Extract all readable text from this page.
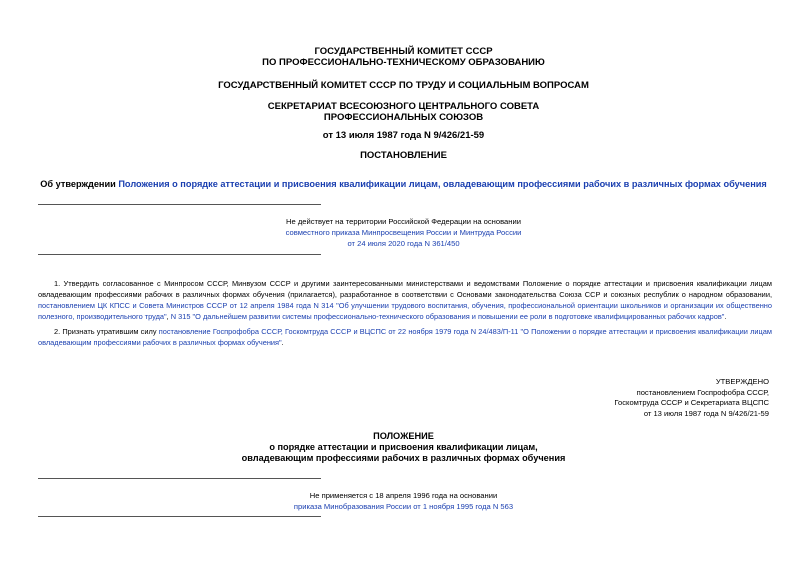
ГОСУДАРСТВЕННЫЙ КОМИТЕТ СССР
ПО ПРОФЕССИОНАЛЬНО-ТЕХНИЧЕСКОМУ ОБРАЗОВАНИЮ
ГОСУДАРСТВЕННЫЙ КОМИТЕТ СССР ПО ТРУДУ И СОЦИАЛЬНЫМ ВОПРОСАМ
СЕКРЕТАРИАТ ВСЕСОЮЗНОГО ЦЕНТРАЛЬНОГО СОВЕТА
ПРОФЕССИОНАЛЬНЫХ СОЮЗОВ
от 13 июля 1987 года N 9/426/21-59
ПОСТАНОВЛЕНИЕ
Об утверждении Положения о порядке аттестации и присвоения квалификации лицам, овладевающим профессиями рабочих в различных формах обучения
Не действует на территории Российской Федерации на основании
совместного приказа Минпросвещения России и Минтруда России
от 24 июля 2020 года N 361/450
1. Утвердить согласованное с Минпросом СССР, Минвузом СССР и другими заинтересованными министерствами и ведомствами Положение о порядке аттестации и присвоения квалификации лицам овладевающим профессиями рабочих в различных формах обучения (прилагается), разработанное в соответствии с Основами законодательства Союза ССР и союзных республик о народном образовании, постановлением ЦК КПСС и Совета Министров СССР от 12 апреля 1984 года N 314 "Об улучшении трудового воспитания, обучения, профессиональной ориентации школьников и организации их общественно полезного, производительного труда", N 315 "О дальнейшем развитии системы профессионально-технического образования и повышении ее роли в подготовке квалифицированных рабочих кадров".
2. Признать утратившим силу постановление Госпрофобра СССР, Госкомтруда СССР и ВЦСПС от 22 ноября 1979 года N 24/483/П-11 "О Положении о порядке аттестации и присвоения квалификации лицам овладевающим профессиями рабочих в различных формах обучения".
УТВЕРЖДЕНО
постановлением Госпрофобра СССР,
Госкомтруда СССР и Секретариата ВЦСПС
от 13 июля 1987 года N 9/426/21-59
ПОЛОЖЕНИЕ
о порядке аттестации и присвоения квалификации лицам,
овладевающим профессиями рабочих в различных формах обучения
Не применяется с 18 апреля 1996 года на основании
приказа Минобразования России от 1 ноября 1995 года N 563
